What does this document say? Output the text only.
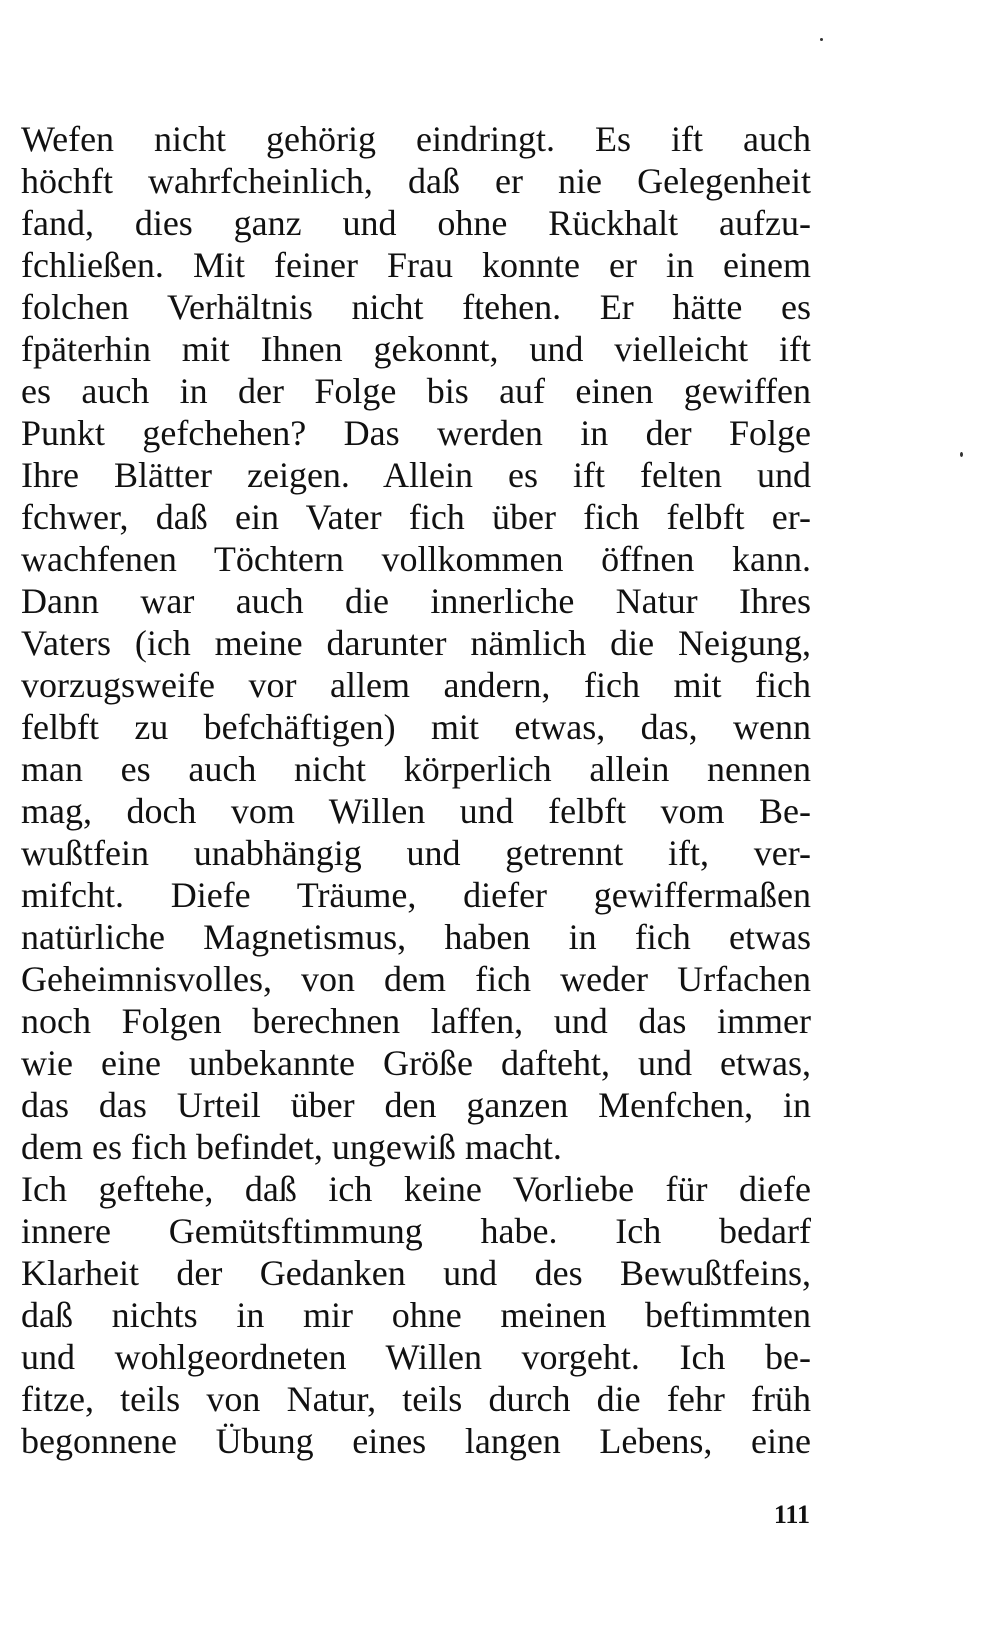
Wefen nicht gehörig eindringt. Es ift auch
höchft wahrfcheinlich, daß er nie Gelegenheit
fand, dies ganz und ohne Rückhalt aufzu-
fchließen. Mit feiner Frau konnte er in einem
folchen Verhältnis nicht ftehen. Er hätte es
fpäterhin mit Ihnen gekonnt, und vielleicht ift
es auch in der Folge bis auf einen gewiffen
Punkt gefchehen? Das werden in der Folge
Ihre Blätter zeigen. Allein es ift felten und
fchwer, daß ein Vater fich über fich felbft er-
wachfenen Töchtern vollkommen öffnen kann.
Dann war auch die innerliche Natur Ihres
Vaters (ich meine darunter nämlich die Neigung,
vorzugsweife vor allem andern, fich mit fich
felbft zu befchäftigen) mit etwas, das, wenn
man es auch nicht körperlich allein nennen
mag, doch vom Willen und felbft vom Be-
wußtfein unabhängig und getrennt ift, ver-
mifcht. Diefe Träume, diefer gewiffermaßen
natürliche Magnetismus, haben in fich etwas
Geheimnisvolles, von dem fich weder Urfachen
noch Folgen berechnen laffen, und das immer
wie eine unbekannte Größe dafteht, und etwas,
das das Urteil über den ganzen Menfchen, in
dem es fich befindet, ungewiß macht.
Ich geftehe, daß ich keine Vorliebe für diefe
innere Gemütsftimmung habe. Ich bedarf
Klarheit der Gedanken und des Bewußtfeins,
daß nichts in mir ohne meinen beftimmten
und wohlgeordneten Willen vorgeht. Ich be-
fitze, teils von Natur, teils durch die fehr früh
begonnene Übung eines langen Lebens, eine
111
